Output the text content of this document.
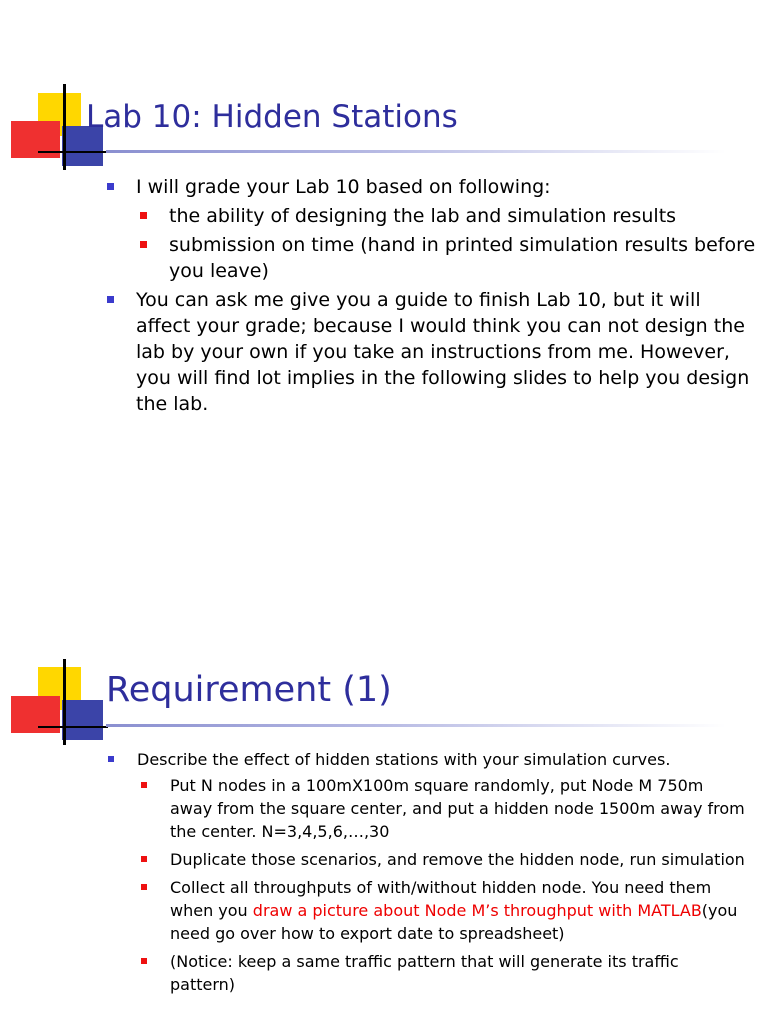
Lab 10: Hidden Stations
I will grade your Lab 10 based on following:
the ability of designing the lab and simulation results
submission on time (hand in printed simulation results before you leave)
You can ask me give you a guide to finish Lab 10, but it will affect your grade; because I would think you can not design the lab by your own if you take an instructions from me. However, you will find lot implies in the following slides to help you design the lab.
Requirement (1)
Describe the effect of hidden stations with your simulation curves.
Put N nodes in a 100mX100m square randomly, put Node M 750m away from the square center, and put a hidden node 1500m away from the center. N=3,4,5,6,…,30
Duplicate those scenarios, and remove the hidden node, run simulation
Collect all throughputs of with/without hidden node. You need them when you draw a picture about Node M’s throughput with MATLAB(you need go over how to export date to spreadsheet)
(Notice: keep a same traffic pattern that will generate its traffic pattern)
